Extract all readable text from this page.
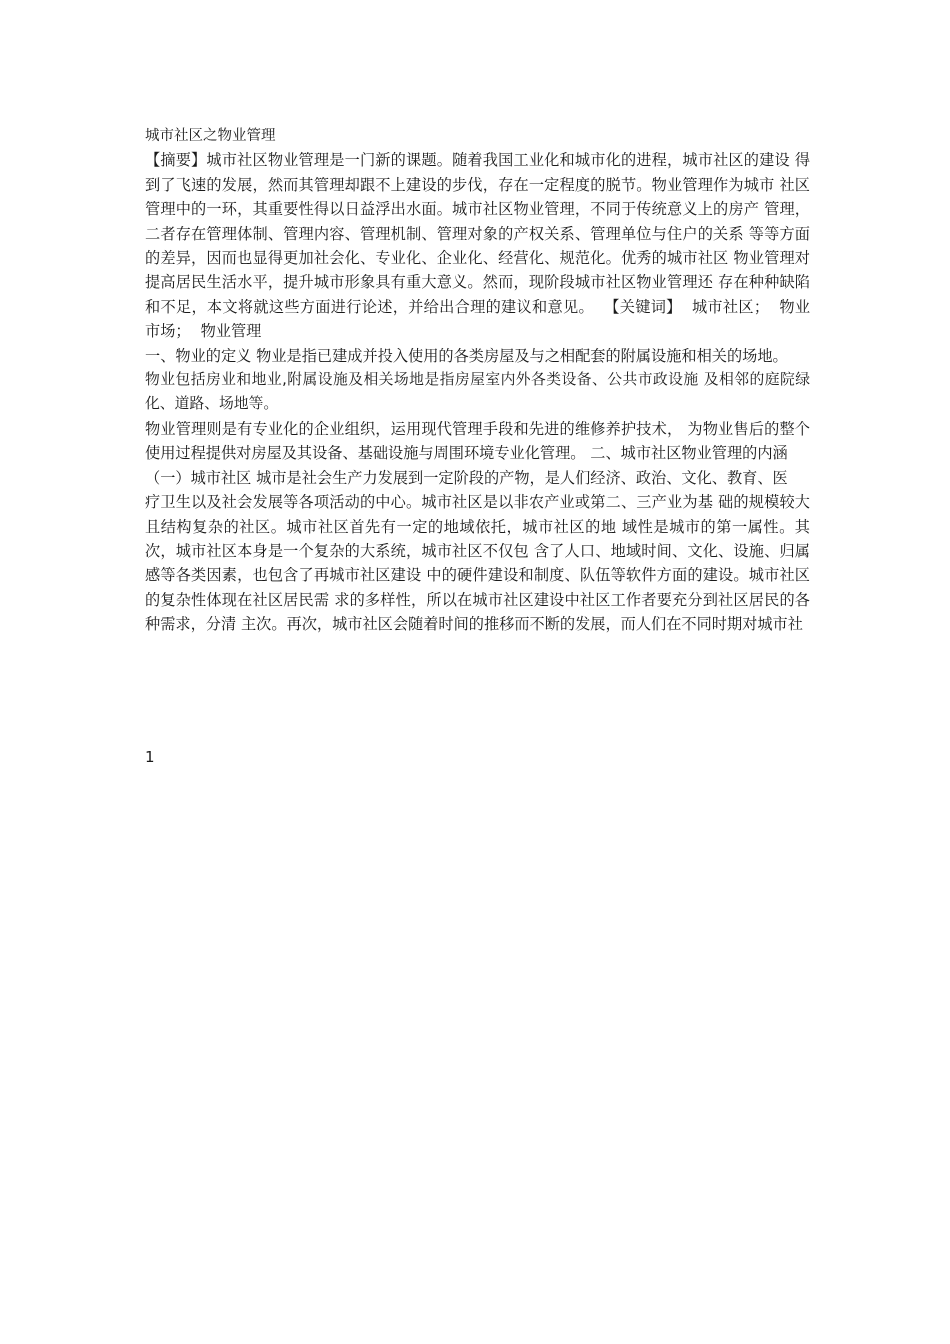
城市社区之物业管理

【摘要】城市社区物业管理是一门新的课题。随着我国工业化和城市化的进程，城市社区的建设 得到了飞速的发展，然而其管理却跟不上建设的步伐，存在一定程度的脱节。物业管理作为城市 社区管理中的一环，其重要性得以日益浮出水面。城市社区物业管理，不同于传统意义上的房产 管理，二者存在管理体制、管理内容、管理机制、管理对象的产权关系、管理单位与住户的关系 等等方面的差异，因而也显得更加社会化、专业化、企业化、经营化、规范化。优秀的城市社区 物业管理对提高居民生活水平，提升城市形象具有重大意义。然而，现阶段城市社区物业管理还 存在种种缺陷和不足，本文将就这些方面进行论述，并给出合理的建议和意见。 【关键词】 城市社区； 物业市场； 物业管理

一、物业的定义 物业是指已建成并投入使用的各类房屋及与之相配套的附属设施和相关的场地。

物业包括房业和地业,附属设施及相关场地是指房屋室内外各类设备、公共市政设施 及相邻的庭院绿化、道路、场地等。

物业管理则是有专业化的企业组织，运用现代管理手段和先进的维修养护技术， 为物业售后的整个使用过程提供对房屋及其设备、基础设施与周围环境专业化管理。 二、城市社区物业管理的内涵

（一）城市社区 城市是社会生产力发展到一定阶段的产物，是人们经济、政治、文化、教育、医

疗卫生以及社会发展等各项活动的中心。城市社区是以非农产业或第二、三产业为基 础的规模较大且结构复杂的社区。城市社区首先有一定的地域依托，城市社区的地 域性是城市的第一属性。其次，城市社区本身是一个复杂的大系统，城市社区不仅包 含了人口、地域时间、文化、设施、归属感等各类因素，也包含了再城市社区建设 中的硬件建设和制度、队伍等软件方面的建设。城市社区的复杂性体现在社区居民需 求的多样性，所以在城市社区建设中社区工作者要充分到社区居民的各种需求，分清 主次。再次，城市社区会随着时间的推移而不断的发展，而人们在不同时期对城市社

1
